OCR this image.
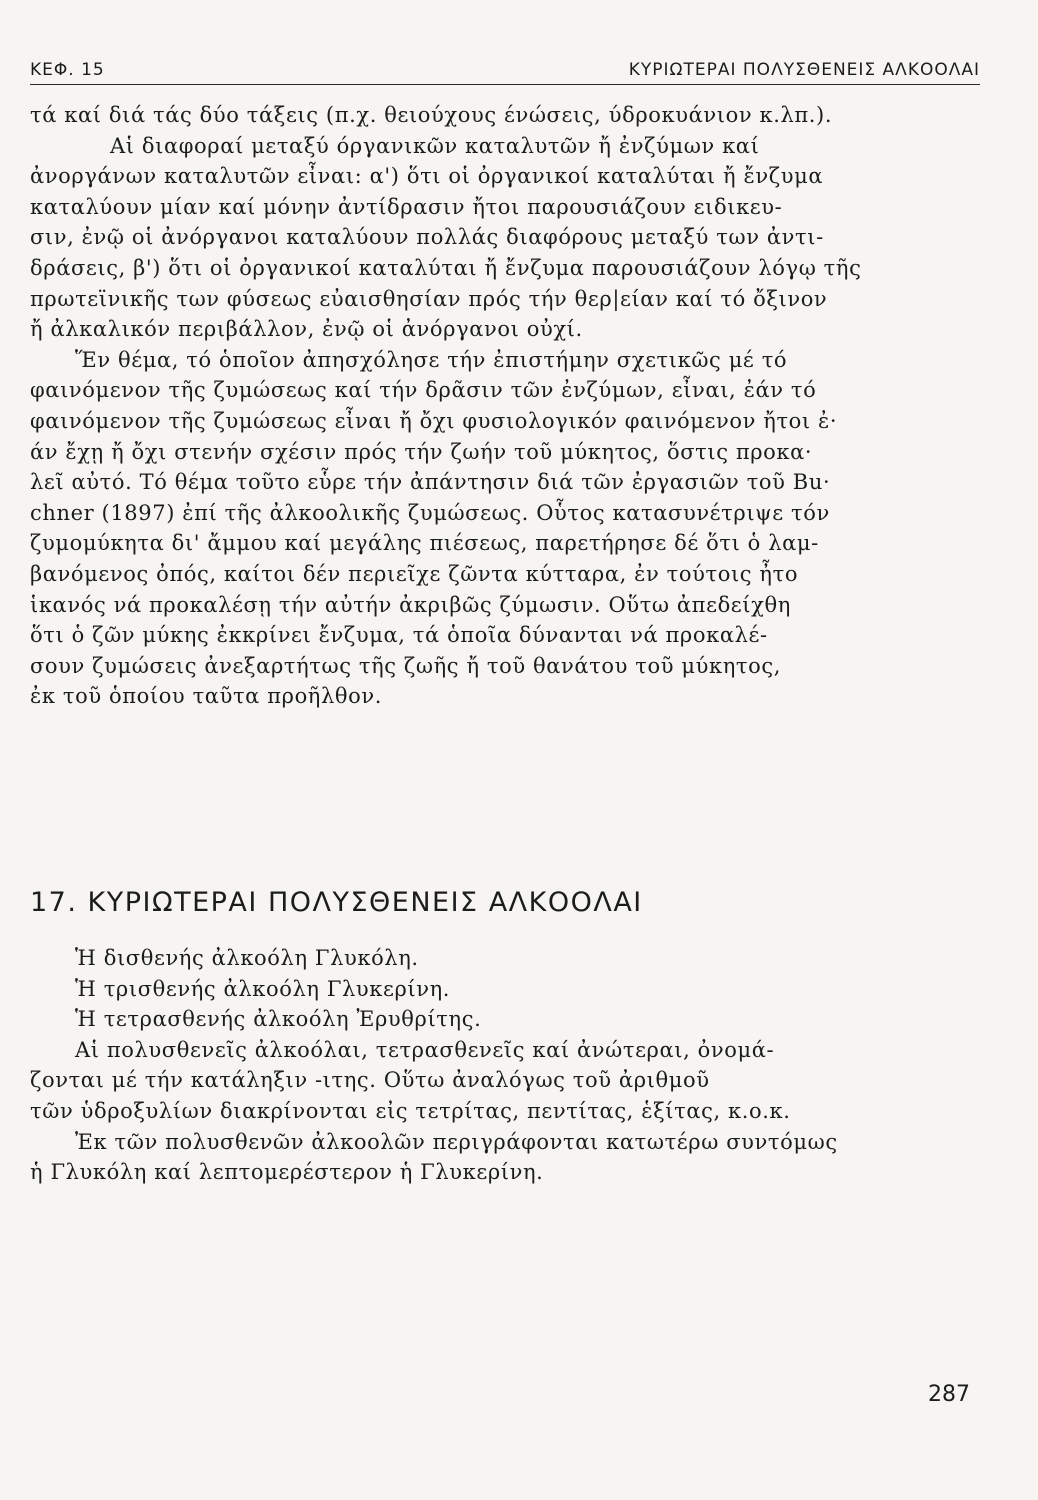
ΚΕΦ. 15	ΚΥΡΙΩΤΕΡΑΙ ΠΟΛΥΣΘΕΝΕΙΣ ΑΛΚΟΟΛΑΙ
τά καί διά τάς δύο τάξεις (π.χ. θειούχους ένώσεις, ύδροκυάνιον κ.λπ.).
Αἱ διαφοραί μεταξύ όργανικῶν καταλυτῶν ἤ ἐνζύμων καί
ἀνοργάνων καταλυτῶν εἶναι: α') ὅτι οἱ ὀργανικοί καταλύται ἤ ἔνζυμα
καταλύουν μίαν καί μόνην ἀντίδρασιν ἤτοι παρουσιάζουν ειδικευ-
σιν, ἐνῷ οἱ ἀνόργανοι καταλύουν πολλάς διαφόρους μεταξύ των ἀντι-
δράσεις, β') ὅτι οἱ ὀργανικοί καταλύται ἤ ἔνζυμα παρουσιάζουν λόγῳ τῆς
πρωτεϊνικῆς των φύσεως εὐαισθησίαν πρός τήν θερ|είαν καί τό ὄξινον
ἤ ἀλκαλικόν περιβάλλον, ἐνῷ οἱ ἀνόργανοι οὐχί.
Ἕν θέμα, τό ὁποῖον ἀπησχόλησε τήν ἐπιστήμην σχετικῶς μέ τό
φαινόμενον τῆς ζυμώσεως καί τήν δρᾶσιν τῶν ἐνζύμων, εἶναι, ἐάν τό
φαινόμενον τῆς ζυμώσεως εἶναι ἤ ὄχι φυσιολογικόν φαινόμενον ἤτοι ἐ·
άν ἔχῃ ἤ ὄχι στενήν σχέσιν πρός τήν ζωήν τοῦ μύκητος, ὅστις προκα·
λεῖ αὐτό. Τό θέμα τοῦτο εὗρε τήν ἀπάντησιν διά τῶν ἐργασιῶν τοῦ Bu·
chner (1897) ἐπί τῆς ἀλκοολικῆς ζυμώσεως. Οὗτος κατασυνέτριψε τόν
ζυμομύκητα δι' ἄμμου καί μεγάλης πιέσεως, παρετήρησε δέ ὅτι ὁ λαμ-
βανόμενος ὀπός, καίτοι δέν περιεῖχε ζῶντα κύτταρα, ἐν τούτοις ἦτο
ἱκανός νά προκαλέσῃ τήν αὐτήν ἀκριβῶς ζύμωσιν. Οὕτω ἀπεδείχθη
ὅτι ὁ ζῶν μύκης ἐκκρίνει ἔνζυμα, τά ὁποῖα δύνανται νά προκαλέ-
σουν ζυμώσεις ἀνεξαρτήτως τῆς ζωῆς ἤ τοῦ θανάτου τοῦ μύκητος,
ἐκ τοῦ ὁποίου ταῦτα προῆλθον.
17. ΚΥΡΙΩΤΕΡΑΙ ΠΟΛΥΣΘΕΝΕΙΣ ΑΛΚΟΟΛΑΙ
Ἡ δισθενής ἀλκοόλη Γλυκόλη.
Ἡ τρισθενής ἀλκοόλη Γλυκερίνη.
Ἡ τετρασθενής ἀλκοόλη Ἐρυθρίτης.
Αἱ πολυσθενεῖς ἀλκοόλαι, τετρασθενεῖς καί ἀνώτεραι, ὀνομά-
ζονται μέ τήν κατάληξιν -ιτης. Οὕτω ἀναλόγως τοῦ ἀριθμοῦ
τῶν ὑδροξυλίων διακρίνονται εἰς τετρίτας, πεντίτας, ἑξίτας, κ.ο.κ.
Ἐκ τῶν πολυσθενῶν ἀλκοολῶν περιγράφονται κατωτέρω συντόμως
ἡ Γλυκόλη καί λεπτομερέστερον ἡ Γλυκερίνη.
287
